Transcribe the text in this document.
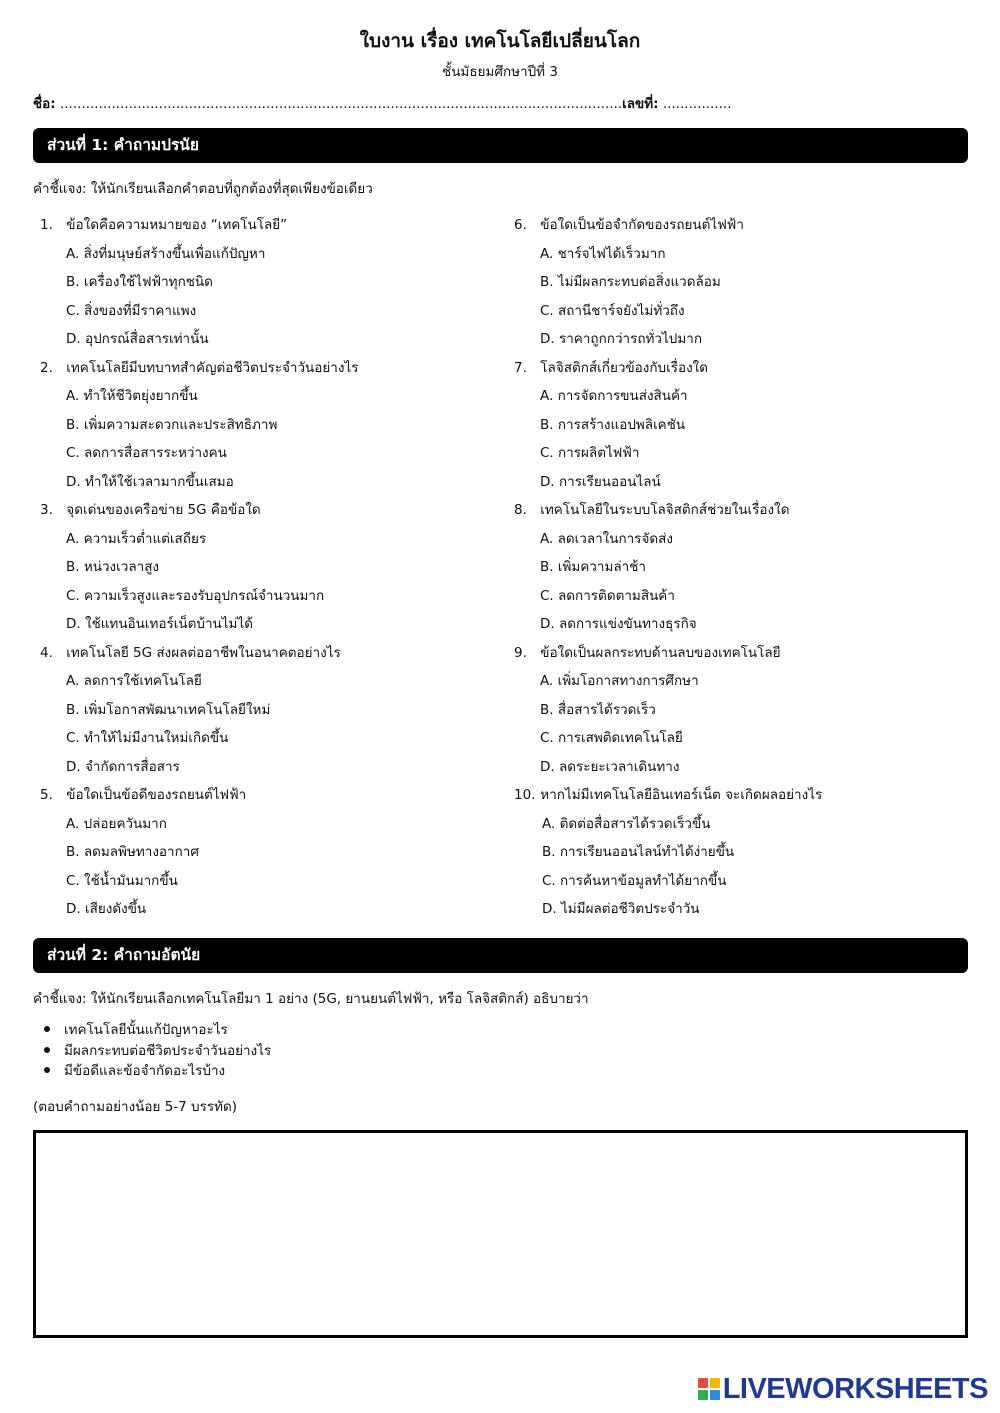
ใบงาน เรื่อง เทคโนโลยีเปลี่ยนโลก
ชั้นมัธยมศึกษาปีที่ 3
ชื่อ: ...................................................................................................................................เลขที่: ................
ส่วนที่ 1: คำถามปรนัย
คำชี้แจง: ให้นักเรียนเลือกคำตอบที่ถูกต้องที่สุดเพียงข้อเดียว
1. ข้อใดคือความหมายของ “เทคโนโลยี”
A. สิ่งที่มนุษย์สร้างขึ้นเพื่อแก้ปัญหา
B. เครื่องใช้ไฟฟ้าทุกชนิด
C. สิ่งของที่มีราคาแพง
D. อุปกรณ์สื่อสารเท่านั้น
2. เทคโนโลยีมีบทบาทสำคัญต่อชีวิตประจำวันอย่างไร
A. ทำให้ชีวิตยุ่งยากขึ้น
B. เพิ่มความสะดวกและประสิทธิภาพ
C. ลดการสื่อสารระหว่างคน
D. ทำให้ใช้เวลามากขึ้นเสมอ
3. จุดเด่นของเครือข่าย 5G คือข้อใด
A. ความเร็วต่ำแต่เสถียร
B. หน่วงเวลาสูง
C. ความเร็วสูงและรองรับอุปกรณ์จำนวนมาก
D. ใช้แทนอินเทอร์เน็ตบ้านไม่ได้
4. เทคโนโลยี 5G ส่งผลต่ออาชีพในอนาคตอย่างไร
A. ลดการใช้เทคโนโลยี
B. เพิ่มโอกาสพัฒนาเทคโนโลยีใหม่
C. ทำให้ไม่มีงานใหม่เกิดขึ้น
D. จำกัดการสื่อสาร
5. ข้อใดเป็นข้อดีของรถยนต์ไฟฟ้า
A. ปล่อยควันมาก
B. ลดมลพิษทางอากาศ
C. ใช้น้ำมันมากขึ้น
D. เสียงดังขึ้น
6. ข้อใดเป็นข้อจำกัดของรถยนต์ไฟฟ้า
A. ชาร์จไฟได้เร็วมาก
B. ไม่มีผลกระทบต่อสิ่งแวดล้อม
C. สถานีชาร์จยังไม่ทั่วถึง
D. ราคาถูกกว่ารถทั่วไปมาก
7. โลจิสติกส์เกี่ยวข้องกับเรื่องใด
A. การจัดการขนส่งสินค้า
B. การสร้างแอปพลิเคชัน
C. การผลิตไฟฟ้า
D. การเรียนออนไลน์
8. เทคโนโลยีในระบบโลจิสติกส์ช่วยในเรื่องใด
A. ลดเวลาในการจัดส่ง
B. เพิ่มความล่าช้า
C. ลดการติดตามสินค้า
D. ลดการแข่งขันทางธุรกิจ
9. ข้อใดเป็นผลกระทบด้านลบของเทคโนโลยี
A. เพิ่มโอกาสทางการศึกษา
B. สื่อสารได้รวดเร็ว
C. การเสพติดเทคโนโลยี
D. ลดระยะเวลาเดินทาง
10. หากไม่มีเทคโนโลยีอินเทอร์เน็ต จะเกิดผลอย่างไร
A. ติดต่อสื่อสารได้รวดเร็วขึ้น
B. การเรียนออนไลน์ทำได้ง่ายขึ้น
C. การค้นหาข้อมูลทำได้ยากขึ้น
D. ไม่มีผลต่อชีวิตประจำวัน
ส่วนที่ 2: คำถามอัตนัย
คำชี้แจง: ให้นักเรียนเลือกเทคโนโลยีมา 1 อย่าง (5G, ยานยนต์ไฟฟ้า, หรือ โลจิสติกส์) อธิบายว่า
เทคโนโลยีนั้นแก้ปัญหาอะไร
มีผลกระทบต่อชีวิตประจำวันอย่างไร
มีข้อดีและข้อจำกัดอะไรบ้าง
(ตอบคำถามอย่างน้อย 5-7 บรรทัด)
LIVEWORKSHEETS
